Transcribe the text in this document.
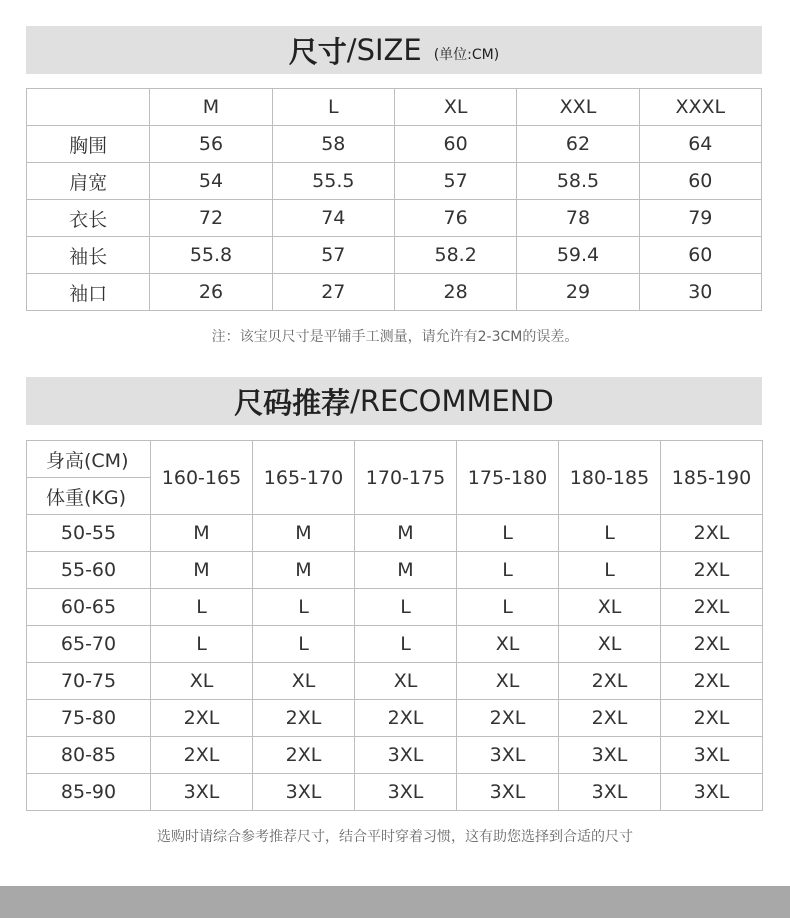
尺寸 /SIZE (单位:CM)
	M	L	XL	XXL	XXXL
胸围	56	58	60	62	64
肩宽	54	55.5	57	58.5	60
衣长	72	74	76	78	79
袖长	55.8	57	58.2	59.4	60
袖口	26	27	28	29	30
注：该宝贝尺寸是平铺手工测量，请允许有2-3CM的误差。
尺码推荐 /RECOMMEND
身高(CM)	160-165	165-170	170-175	175-180	180-185	185-190
体重(KG)						
50-55	M	M	M	L	L	2XL
55-60	M	M	M	L	L	2XL
60-65	L	L	L	L	XL	2XL
65-70	L	L	L	XL	XL	2XL
70-75	XL	XL	XL	XL	2XL	2XL
75-80	2XL	2XL	2XL	2XL	2XL	2XL
80-85	2XL	2XL	3XL	3XL	3XL	3XL
85-90	3XL	3XL	3XL	3XL	3XL	3XL
选购时请综合参考推荐尺寸，结合平时穿着习惯，这有助您选择到合适的尺寸
